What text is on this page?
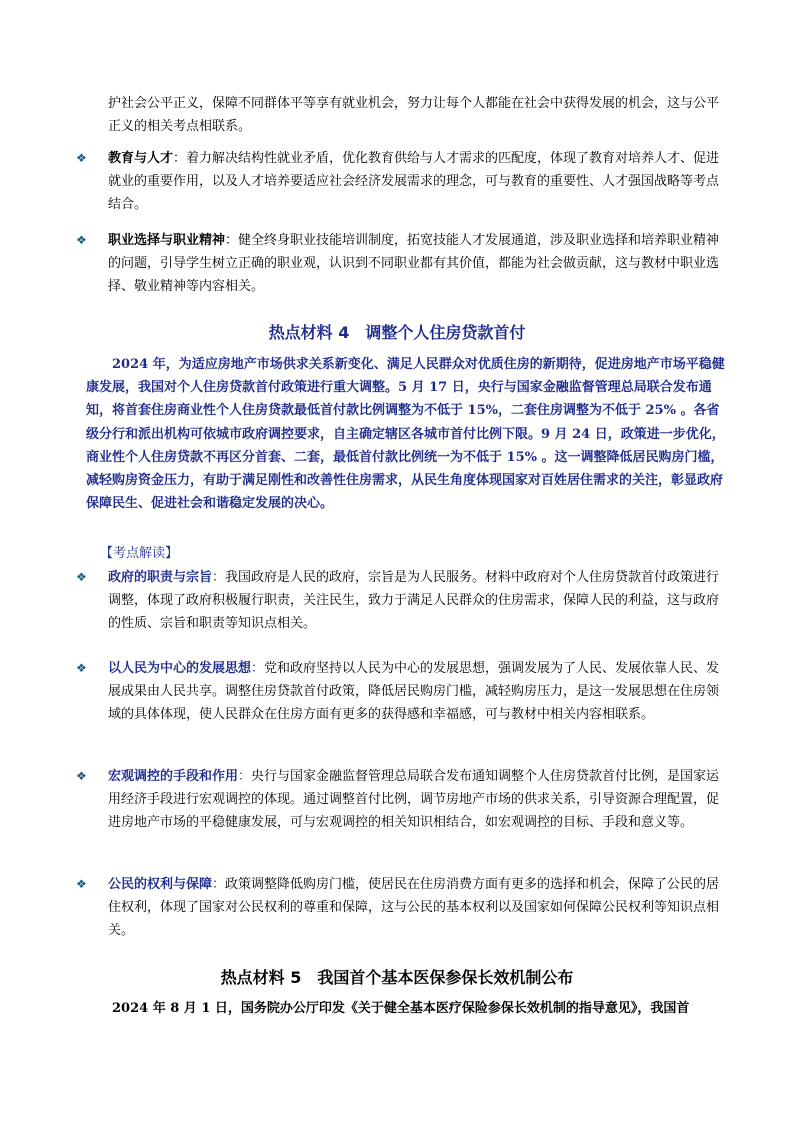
护社会公平正义，保障不同群体平等享有就业机会，努力让每个人都能在社会中获得发展的机会，这与公平正义的相关考点相联系。

❖ 教育与人才：着力解决结构性就业矛盾，优化教育供给与人才需求的匹配度，体现了教育对培养人才、促进就业的重要作用，以及人才培养要适应社会经济发展需求的理念，可与教育的重要性、人才强国战略等考点结合。

❖ 职业选择与职业精神：健全终身职业技能培训制度，拓宽技能人才发展通道，涉及职业选择和培养职业精神的问题，引导学生树立正确的职业观，认识到不同职业都有其价值，都能为社会做贡献，这与教材中职业选择、敬业精神等内容相关。

热点材料 4　调整个人住房贷款首付

2024 年，为适应房地产市场供求关系新变化、满足人民群众对优质住房的新期待，促进房地产市场平稳健康发展，我国对个人住房贷款首付政策进行重大调整。5 月 17 日，央行与国家金融监督管理总局联合发布通知，将首套住房商业性个人住房贷款最低首付款比例调整为不低于 15%，二套住房调整为不低于 25% 。各省级分行和派出机构可依城市政府调控要求，自主确定辖区各城市首付比例下限。9 月 24 日，政策进一步优化，商业性个人住房贷款不再区分首套、二套，最低首付款比例统一为不低于 15% 。这一调整降低居民购房门槛，减轻购房资金压力，有助于满足刚性和改善性住房需求，从民生角度体现国家对百姓居住需求的关注，彰显政府保障民生、促进社会和谐稳定发展的决心。

【考点解读】
❖ 政府的职责与宗旨：我国政府是人民的政府，宗旨是为人民服务。材料中政府对个人住房贷款首付政策进行调整，体现了政府积极履行职责，关注民生，致力于满足人民群众的住房需求，保障人民的利益，这与政府的性质、宗旨和职责等知识点相关。

❖ 以人民为中心的发展思想：党和政府坚持以人民为中心的发展思想，强调发展为了人民、发展依靠人民、发展成果由人民共享。调整住房贷款首付政策，降低居民购房门槛，减轻购房压力，是这一发展思想在住房领域的具体体现，使人民群众在住房方面有更多的获得感和幸福感，可与教材中相关内容相联系。

❖ 宏观调控的手段和作用：央行与国家金融监督管理总局联合发布通知调整个人住房贷款首付比例，是国家运用经济手段进行宏观调控的体现。通过调整首付比例，调节房地产市场的供求关系，引导资源合理配置，促进房地产市场的平稳健康发展，可与宏观调控的相关知识相结合，如宏观调控的目标、手段和意义等。

❖ 公民的权利与保障：政策调整降低购房门槛，使居民在住房消费方面有更多的选择和机会，保障了公民的居住权利，体现了国家对公民权利的尊重和保障，这与公民的基本权利以及国家如何保障公民权利等知识点相关。

热点材料 5　我国首个基本医保参保长效机制公布

2024 年 8 月 1 日，国务院办公厅印发《关于健全基本医疗保险参保长效机制的指导意见》，我国首
